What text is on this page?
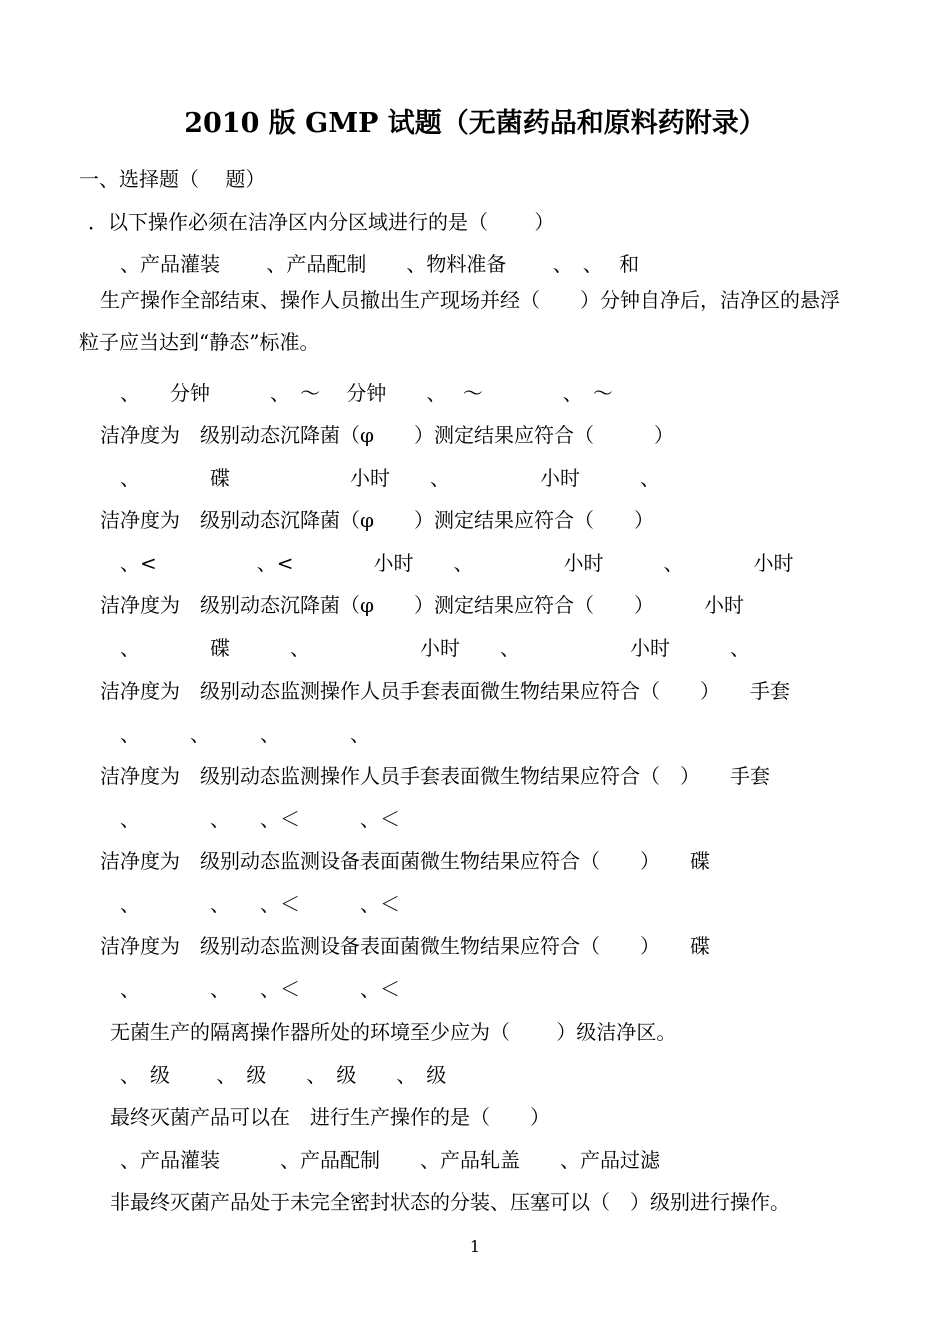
2010 版 GMP 试题（无菌药品和原料药附录）
一、选择题（　 题）
．以下操作必须在洁净区内分区域进行的是（　　 ）
、产品灌装　　 、产品配制　　、物料准备　　 、　、　 和
生产操作全部结束、操作人员撤出生产现场并经（　　）分钟自净后，洁净区的悬浮
粒子应当达到“静态”标准。
、　　分钟　　　、　～　 分钟　　、　 ～　　　　、　～
洁净度为　级别动态沉降菌（φ　　）测定结果应符合（　　　）
、　　　　碟　　　　　　小时　　、　　　　　小时　　　、
洁净度为　级别动态沉降菌（φ　　）测定结果应符合（　　）
、<　　　　　、<　　　　小时　　、　　　　　小时　　　、　　　　小时
洁净度为　级别动态沉降菌（φ　　）测定结果应符合（　　）　　　小时
、　　　　碟　　　、　　　　　　小时　　、　　　　　　小时　　　、
洁净度为　级别动态监测操作人员手套表面微生物结果应符合（　　）　　手套
、　　　、　　　、　　　　、
洁净度为　级别动态监测操作人员手套表面微生物结果应符合（　）　　手套
、　　　　、　　、＜　　　、＜
洁净度为　级别动态监测设备表面菌微生物结果应符合（　　）　　碟
、　　　　、　　、＜　　　、＜
洁净度为　级别动态监测设备表面菌微生物结果应符合（　　）　　碟
、　　　　、　　、＜　　　、＜
无菌生产的隔离操作器所处的环境至少应为（　　 ）级洁净区。
、　级　　 、　级　　、　级　　、　级
最终灭菌产品可以在　进行生产操作的是（　　）
、产品灌装　　　、产品配制　　、产品轧盖　　、产品过滤
非最终灭菌产品处于未完全密封状态的分装、压塞可以（　）级别进行操作。
1
